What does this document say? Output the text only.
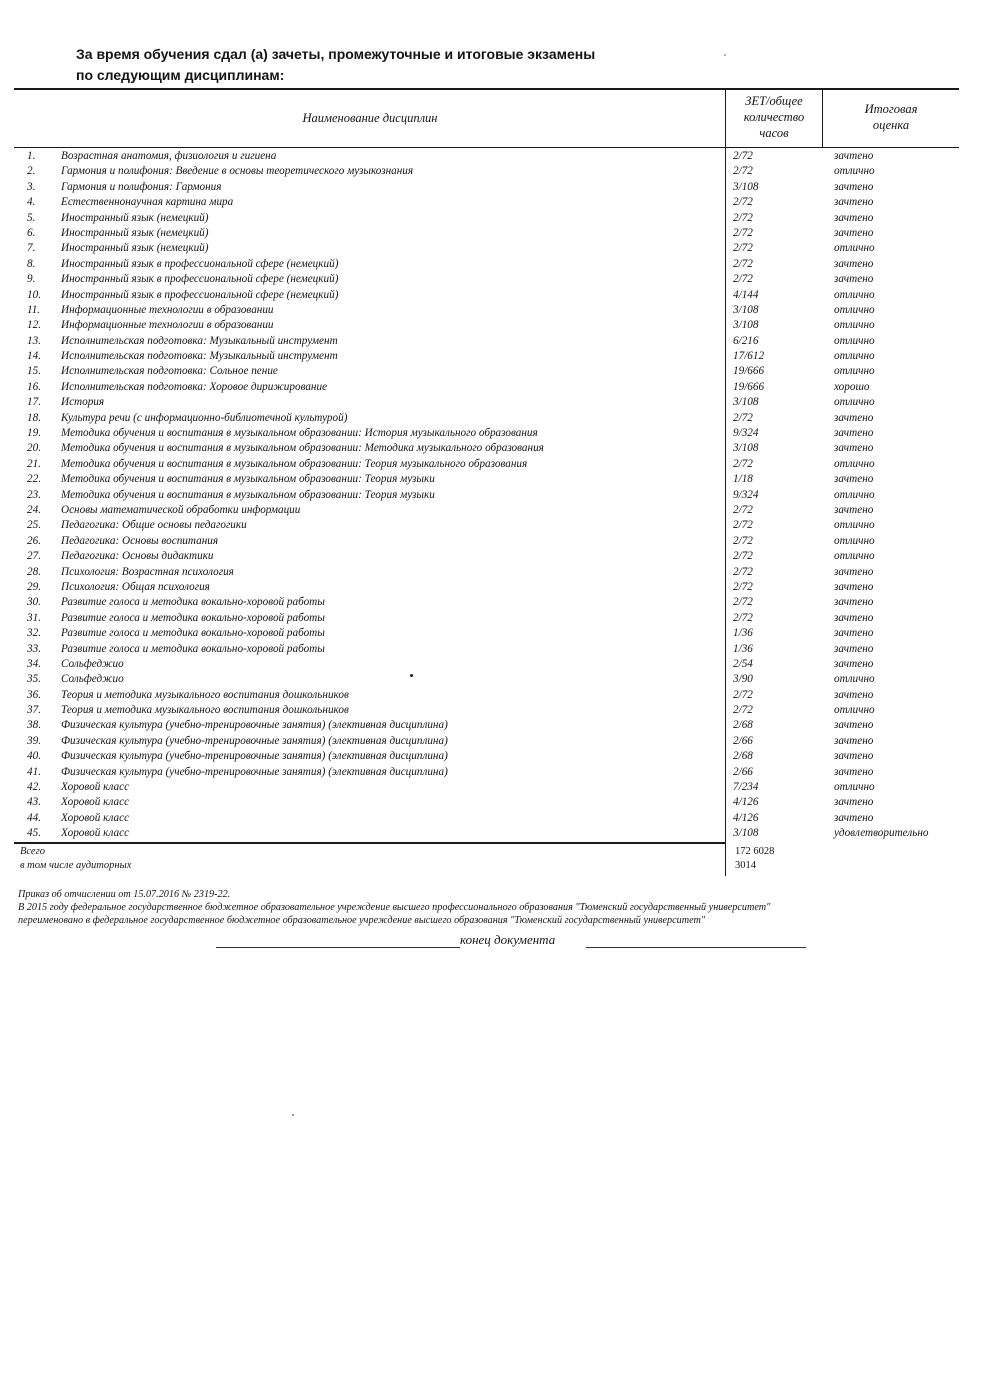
За время обучения сдал (а) зачеты, промежуточные и итоговые экзамены
по следующим дисциплинам:
Наименование дисциплин
ЗЕТ/общее
количество
часов
Итоговая
оценка
1.	Возрастная анатомия, физиология и гигиена	2/72	зачтено
2.	Гармония и полифония: Введение в основы теоретического музыкознания	2/72	отлично
3.	Гармония и полифония: Гармония	3/108	зачтено
4.	Естественнонаучная картина мира	2/72	зачтено
5.	Иностранный язык (немецкий)	2/72	зачтено
6.	Иностранный язык (немецкий)	2/72	зачтено
7.	Иностранный язык (немецкий)	2/72	отлично
8.	Иностранный язык в профессиональной сфере (немецкий)	2/72	зачтено
9.	Иностранный язык в профессиональной сфере (немецкий)	2/72	зачтено
10.	Иностранный язык в профессиональной сфере (немецкий)	4/144	отлично
11.	Информационные технологии в образовании	3/108	отлично
12.	Информационные технологии в образовании	3/108	отлично
13.	Исполнительская подготовка: Музыкальный инструмент	6/216	отлично
14.	Исполнительская подготовка: Музыкальный инструмент	17/612	отлично
15.	Исполнительская подготовка: Сольное пение	19/666	отлично
16.	Исполнительская подготовка: Хоровое дирижирование	19/666	хорошо
17.	История	3/108	отлично
18.	Культура речи (с информационно-библиотечной культурой)	2/72	зачтено
19.	Методика обучения и воспитания в музыкальном образовании: История музыкального образования	9/324	зачтено
20.	Методика обучения и воспитания в музыкальном образовании: Методика музыкального образования	3/108	зачтено
21.	Методика обучения и воспитания в музыкальном образовании: Теория музыкального образования	2/72	отлично
22.	Методика обучения и воспитания в музыкальном образовании: Теория музыки	1/18	зачтено
23.	Методика обучения и воспитания в музыкальном образовании: Теория музыки	9/324	отлично
24.	Основы математической обработки информации	2/72	зачтено
25.	Педагогика: Общие основы педагогики	2/72	отлично
26.	Педагогика: Основы воспитания	2/72	отлично
27.	Педагогика: Основы дидактики	2/72	отлично
28.	Психология: Возрастная психология	2/72	зачтено
29.	Психология: Общая психология	2/72	зачтено
30.	Развитие голоса и методика вокально-хоровой работы	2/72	зачтено
31.	Развитие голоса и методика вокально-хоровой работы	2/72	зачтено
32.	Развитие голоса и методика вокально-хоровой работы	1/36	зачтено
33.	Развитие голоса и методика вокально-хоровой работы	1/36	зачтено
34.	Сольфеджио	2/54	зачтено
35.	Сольфеджио	3/90	отлично
36.	Теория и методика музыкального воспитания дошкольников	2/72	зачтено
37.	Теория и методика музыкального воспитания дошкольников	2/72	отлично
38.	Физическая культура (учебно-тренировочные занятия) (элективная дисциплина)	2/68	зачтено
39.	Физическая культура (учебно-тренировочные занятия) (элективная дисциплина)	2/66	зачтено
40.	Физическая культура (учебно-тренировочные занятия) (элективная дисциплина)	2/68	зачтено
41.	Физическая культура (учебно-тренировочные занятия) (элективная дисциплина)	2/66	зачтено
42.	Хоровой класс	7/234	отлично
43.	Хоровой класс	4/126	зачтено
44.	Хоровой класс	4/126	зачтено
45.	Хоровой класс	3/108	удовлетворительно
Всего	172 6028
в том числе аудиторных	3014
Приказ об отчислении от 15.07.2016 № 2319-22.
В 2015 году федеральное государственное бюджетное образовательное учреждение высшего профессионального образования "Тюменский государственный университет"
переименовано в федеральное государственное бюджетное образовательное учреждение высшего образования "Тюменский государственный университет"
конец документа
